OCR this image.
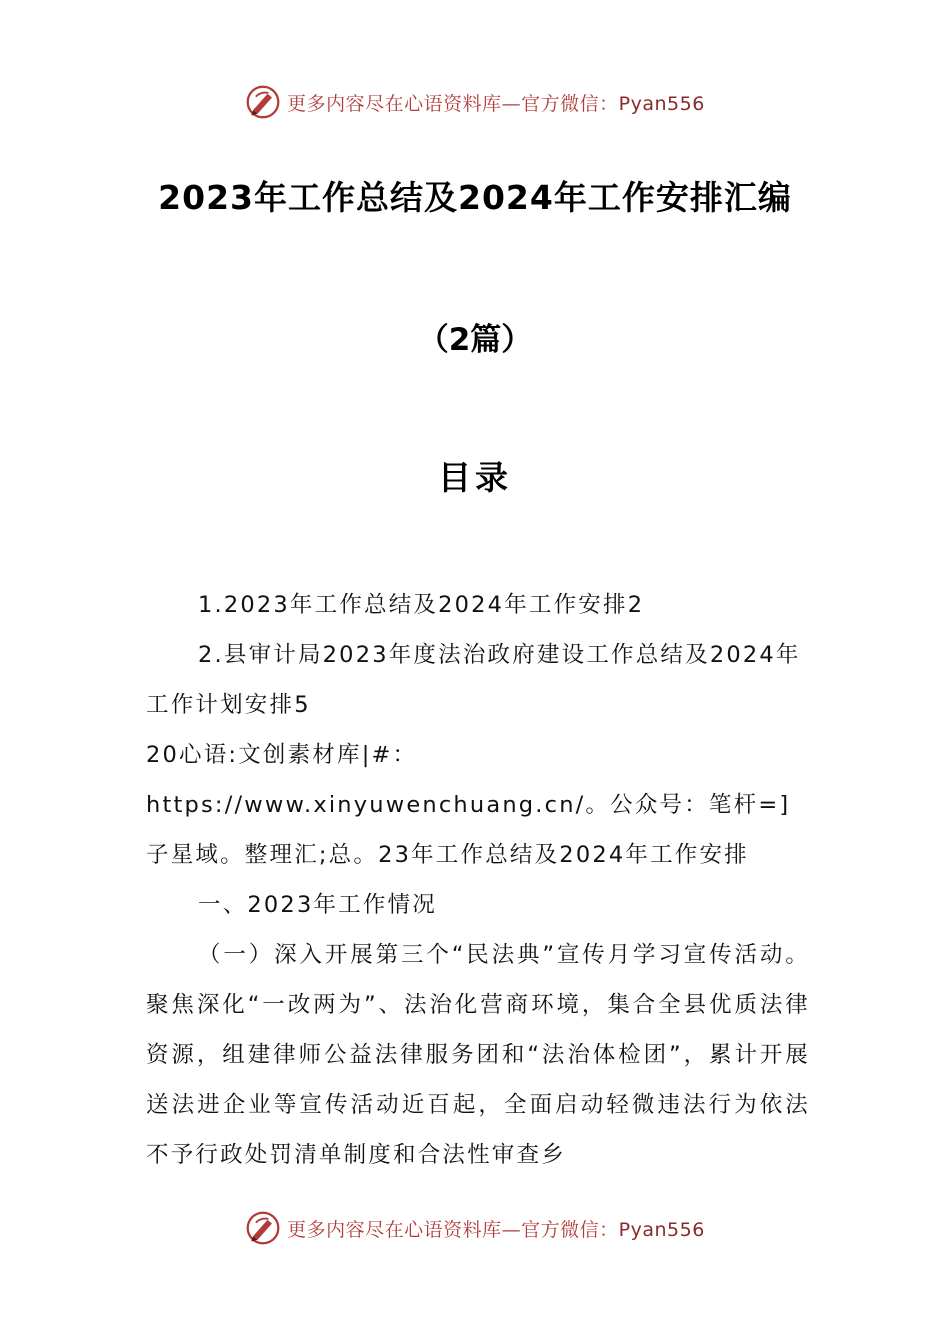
更多内容尽在心语资料库—官方微信：Pyan556
2023年工作总结及2024年工作安排汇编
（2篇）
目录

1.2023年工作总结及2024年工作安排2

2.县审计局2023年度法治政府建设工作总结及2024年工作计划安排5

20心语:文创素材库|#：https://www.xinyuwenchuang.cn/。公众号：笔杆=]子星域。整理汇;总。23年工作总结及2024年工作安排

一、2023年工作情况

（一）深入开展第三个“民法典”宣传月学习宣传活动。聚焦深化“一改两为”、法治化营商环境，集合全县优质法律资源，组建律师公益法律服务团和“法治体检团”，累计开展送法进企业等宣传活动近百起，全面启动轻微违法行为依法不予行政处罚清单制度和合法性审查乡

更多内容尽在心语资料库—官方微信：Pyan556
